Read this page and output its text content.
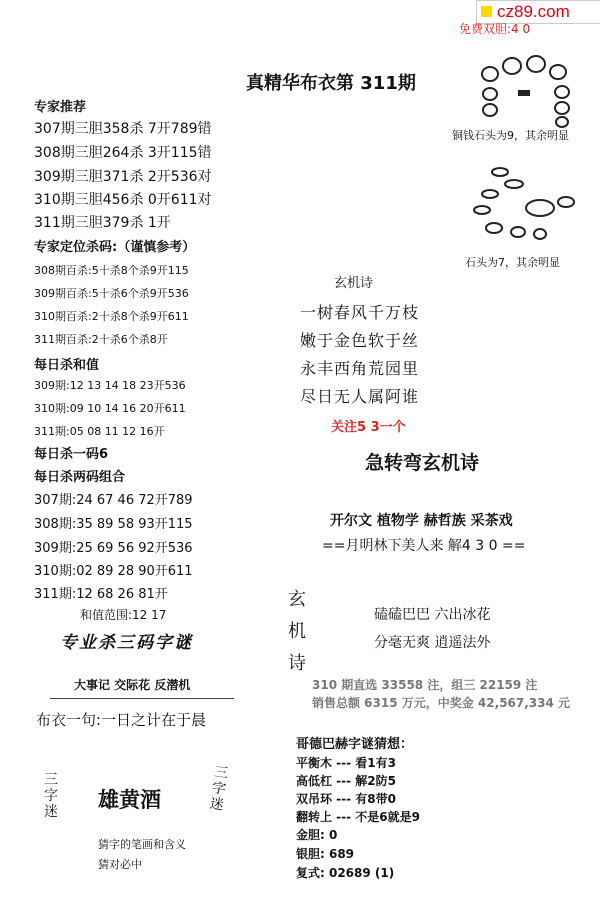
cz89.com
免费双胆:4 0
真精华布衣第 311期
专家推荐
307期三胆358杀 7开789错
308期三胆264杀 3开115错
309期三胆371杀 2开536对
310期三胆456杀 0开611对
311期三胆379杀 1开
专家定位杀码:（谨慎参考）
308期百杀:5十杀8个杀9开115
309期百杀:5十杀6个杀9开536
310期百杀:2十杀8个杀9开611
311期百杀:2十杀6个杀8开
每日杀和值
309期:12 13 14 18 23开536
310期:09 10 14 16 20开611
311期:05 08 11 12 16开
每日杀一码6
每日杀两码组合
307期:24 67 46 72开789
308期:35 89 58 93开115
309期:25 69 56 92开536
310期:02 89 28 90开611
311期:12 68 26 81开
和值范围:12 17
专业杀三码字谜
大事记 交际花 反潜机
布衣一句:一日之计在于晨
三字迷 雄黄酒
三字迷
猜字的笔画和含义
猜对必中
铜钱石头为9，其余明显
石头为7，其余明显
玄机诗
一树春风千万枝
嫩于金色软于丝
永丰西角荒园里
尽日无人属阿谁
关注5 3一个
急转弯玄机诗
开尔文 植物学 赫哲族 采茶戏
==月明林下美人来 解4 3 0 ==
玄机诗
磕磕巴巴 六出冰花
分毫无爽 逍遥法外
310 期直选 33558 注，组三 22159 注
销售总额 6315 万元，中奖金 42,567,334 元
哥德巴赫字谜猜想：
平衡木 --- 看1有3
高低杠 --- 解2防5
双吊环 --- 有8带0
翻转上 --- 不是6就是9
金胆: 0
银胆: 689
复式: 02689 (1)
